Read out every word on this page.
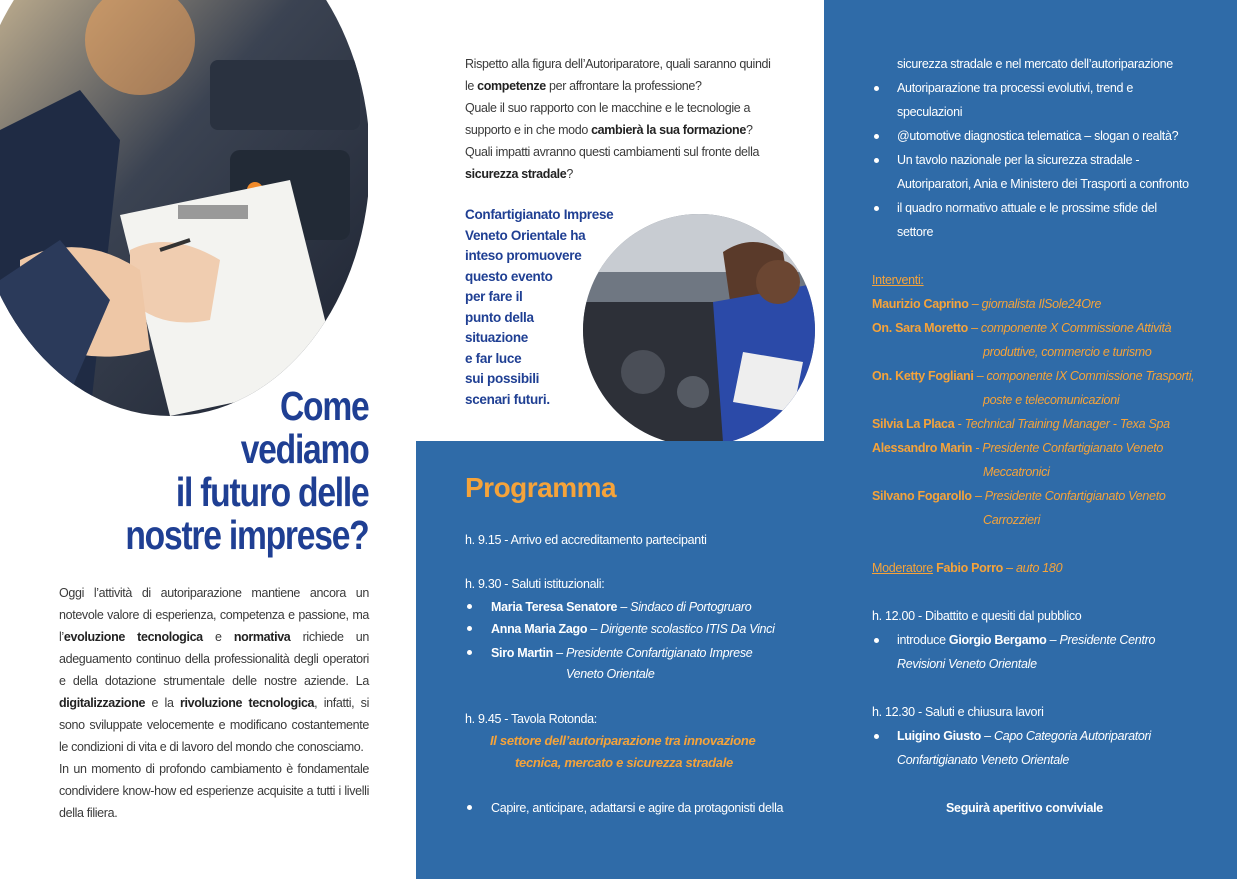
Come
vediamo
il futuro delle
nostre imprese?
Oggi l’attività di autoriparazione mantiene ancora un notevole valore di esperienza, competenza e passione, ma l’evoluzione tecnologica e normativa richiede un adeguamento continuo della professionalità degli operatori e della dotazione strumentale delle nostre aziende. La digitalizzazione e la rivoluzione tecnologica, infatti, si sono sviluppate velocemente e modificano costantemente le condizioni di vita e di lavoro del mondo che conosciamo.
In un momento di profondo cambiamento è fondamentale condividere know-how ed esperienze acquisite a tutti i livelli della filiera.
Rispetto alla figura dell’Autoriparatore, quali saranno quindi le competenze per affrontare la professione?
Quale il suo rapporto con le macchine e le tecnologie a supporto e in che modo cambierà la sua formazione?
Quali impatti avranno questi cambiamenti sul fronte della sicurezza stradale?
Confartigianato Imprese
Veneto Orientale ha
inteso promuovere
questo evento
per fare il
punto della
situazione
e far luce
sui possibili
scenari futuri.
Programma
h. 9.15 - Arrivo ed accreditamento partecipanti
h. 9.30 - Saluti istituzionali:
Maria Teresa Senatore – Sindaco di Portogruaro
Anna Maria Zago – Dirigente scolastico ITIS Da Vinci
Siro Martin – Presidente Confartigianato Imprese
Veneto Orientale
h. 9.45 - Tavola Rotonda:
Il settore dell’autoriparazione tra innovazione
tecnica, mercato e sicurezza stradale
Capire, anticipare, adattarsi e agire da protagonisti della
sicurezza stradale e nel mercato dell’autoriparazione
Autoriparazione tra processi evolutivi, trend e
speculazioni
@utomotive diagnostica telematica – slogan o realtà?
Un tavolo nazionale per la sicurezza stradale -
Autoriparatori, Ania e Ministero dei Trasporti a confronto
il quadro normativo attuale e le prossime sfide del
settore
Interventi:
Maurizio Caprino – giornalista IlSole24Ore
On. Sara Moretto – componente X Commissione Attività
produttive, commercio e turismo
On. Ketty Fogliani – componente IX Commissione Trasporti,
poste e telecomunicazioni
Silvia La Placa - Technical Training Manager - Texa Spa
Alessandro Marin - Presidente Confartigianato Veneto
Meccatronici
Silvano Fogarollo – Presidente Confartigianato Veneto
Carrozzieri
Moderatore Fabio Porro – auto 180
h. 12.00 - Dibattito e quesiti dal pubblico
introduce Giorgio Bergamo – Presidente Centro
Revisioni Veneto Orientale
h. 12.30 - Saluti e chiusura lavori
Luigino Giusto – Capo Categoria Autoriparatori
Confartigianato Veneto Orientale
Seguirà aperitivo conviviale
